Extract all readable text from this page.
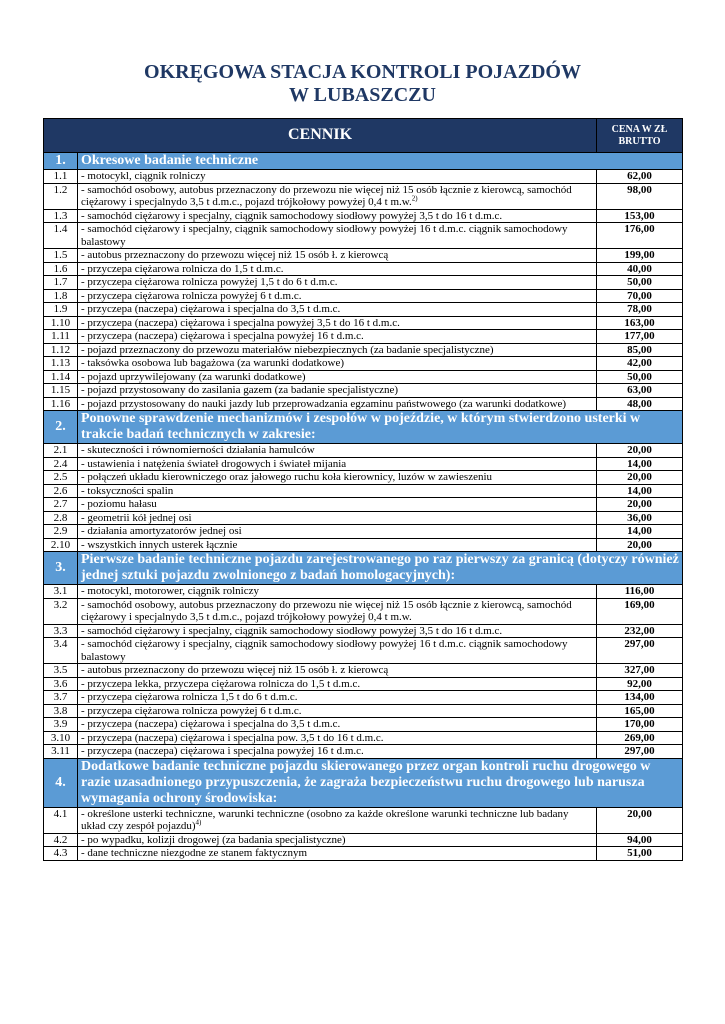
OKRĘGOWA STACJA KONTROLI POJAZDÓW
W LUBASZCZU
CENNIK		CENA W ZŁ BRUTTO
1.	Okresowe badanie techniczne	
1.1	- motocykl, ciągnik rolniczy	62,00
1.2	- samochód osobowy, autobus przeznaczony do przewozu nie więcej niż 15 osób łącznie z kierowcą, samochód ciężarowy i specjalnydo 3,5 t d.m.c., pojazd trójkołowy powyżej 0,4 t m.w.$^{2)}$	98,00
1.3	- samochód ciężarowy i specjalny, ciągnik samochodowy siodłowy powyżej 3,5 t do 16 t d.m.c.	153,00
1.4	- samochód ciężarowy i specjalny, ciągnik samochodowy siodłowy powyżej 16 t d.m.c. ciągnik samochodowy balastowy	176,00
1.5	- autobus przeznaczony do przewozu więcej niż 15 osób ł. z kierowcą	199,00
1.6	- przyczepa ciężarowa rolnicza do 1,5 t d.m.c.	40,00
1.7	- przyczepa ciężarowa rolnicza powyżej 1,5 t do 6 t d.m.c.	50,00
1.8	- przyczepa ciężarowa rolnicza powyżej 6 t d.m.c.	70,00
1.9	- przyczepa (naczepa) ciężarowa i specjalna do 3,5 t d.m.c.	78,00
1.10	- przyczepa (naczepa) ciężarowa i specjalna powyżej 3,5 t do 16 t d.m.c.	163,00
1.11	- przyczepa (naczepa) ciężarowa i specjalna powyżej 16 t d.m.c.	177,00
1.12	- pojazd przeznaczony do przewozu materiałów niebezpiecznych (za badanie specjalistyczne)	85,00
1.13	- taksówka osobowa lub bagażowa (za warunki dodatkowe)	42,00
1.14	- pojazd uprzywilejowany (za warunki dodatkowe)	50,00
1.15	- pojazd przystosowany do zasilania gazem (za badanie specjalistyczne)	63,00
1.16	- pojazd przystosowany do nauki jazdy lub przeprowadzania egzaminu państwowego (za warunki dodatkowe)	48,00
2.	Ponowne sprawdzenie mechanizmów i zespołów w pojeździe, w którym stwierdzono usterki w trakcie badań technicznych w zakresie:	
2.1	- skuteczności i równomierności działania hamulców	20,00
2.4	- ustawienia i natężenia świateł drogowych i świateł mijania	14,00
2.5	- połączeń układu kierowniczego oraz jałowego ruchu koła kierownicy, luzów w zawieszeniu	20,00
2.6	- toksyczności spalin	14,00
2.7	- poziomu hałasu	20,00
2.8	- geometrii kół jednej osi	36,00
2.9	- działania amortyzatorów jednej osi	14,00
2.10	- wszystkich innych usterek łącznie	20,00
3.	Pierwsze badanie techniczne pojazdu zarejestrowanego po raz pierwszy za granicą (dotyczy również jednej sztuki pojazdu zwolnionego z badań homologacyjnych):	
3.1	- motocykl, motorower, ciągnik rolniczy	116,00
3.2	- samochód osobowy, autobus przeznaczony do przewozu nie więcej niż 15 osób łącznie z kierowcą, samochód ciężarowy i specjalnydo 3,5 t d.m.c., pojazd trójkołowy powyżej 0,4 t m.w.	169,00
3.3	- samochód ciężarowy i specjalny, ciągnik samochodowy siodłowy powyżej 3,5 t do 16 t d.m.c.	232,00
3.4	- samochód ciężarowy i specjalny, ciągnik samochodowy siodłowy powyżej 16 t d.m.c. ciągnik samochodowy balastowy	297,00
3.5	- autobus przeznaczony do przewozu więcej niż 15 osób ł. z kierowcą	327,00
3.6	- przyczepa lekka, przyczepa ciężarowa rolnicza do 1,5 t d.m.c.	92,00
3.7	- przyczepa ciężarowa rolnicza 1,5 t do 6 t d.m.c.	134,00
3.8	- przyczepa ciężarowa rolnicza powyżej 6 t d.m.c.	165,00
3.9	- przyczepa (naczepa) ciężarowa i specjalna do 3,5 t d.m.c.	170,00
3.10	- przyczepa (naczepa) ciężarowa i specjalna pow. 3,5 t do 16 t d.m.c.	269,00
3.11	- przyczepa (naczepa) ciężarowa i specjalna powyżej 16 t d.m.c.	297,00
4.	Dodatkowe badanie techniczne pojazdu skierowanego przez organ kontroli ruchu drogowego w razie uzasadnionego przypuszczenia, że zagraża bezpieczeństwu ruchu drogowego lub narusza wymagania ochrony środowiska:	
4.1	- określone usterki techniczne, warunki techniczne (osobno za każde określone warunki techniczne lub badany układ czy zespół pojazdu)$^{4)}$	20,00
4.2	- po wypadku, kolizji drogowej (za badania specjalistyczne)	94,00
4.3	- dane techniczne niezgodne ze stanem faktycznym	51,00
